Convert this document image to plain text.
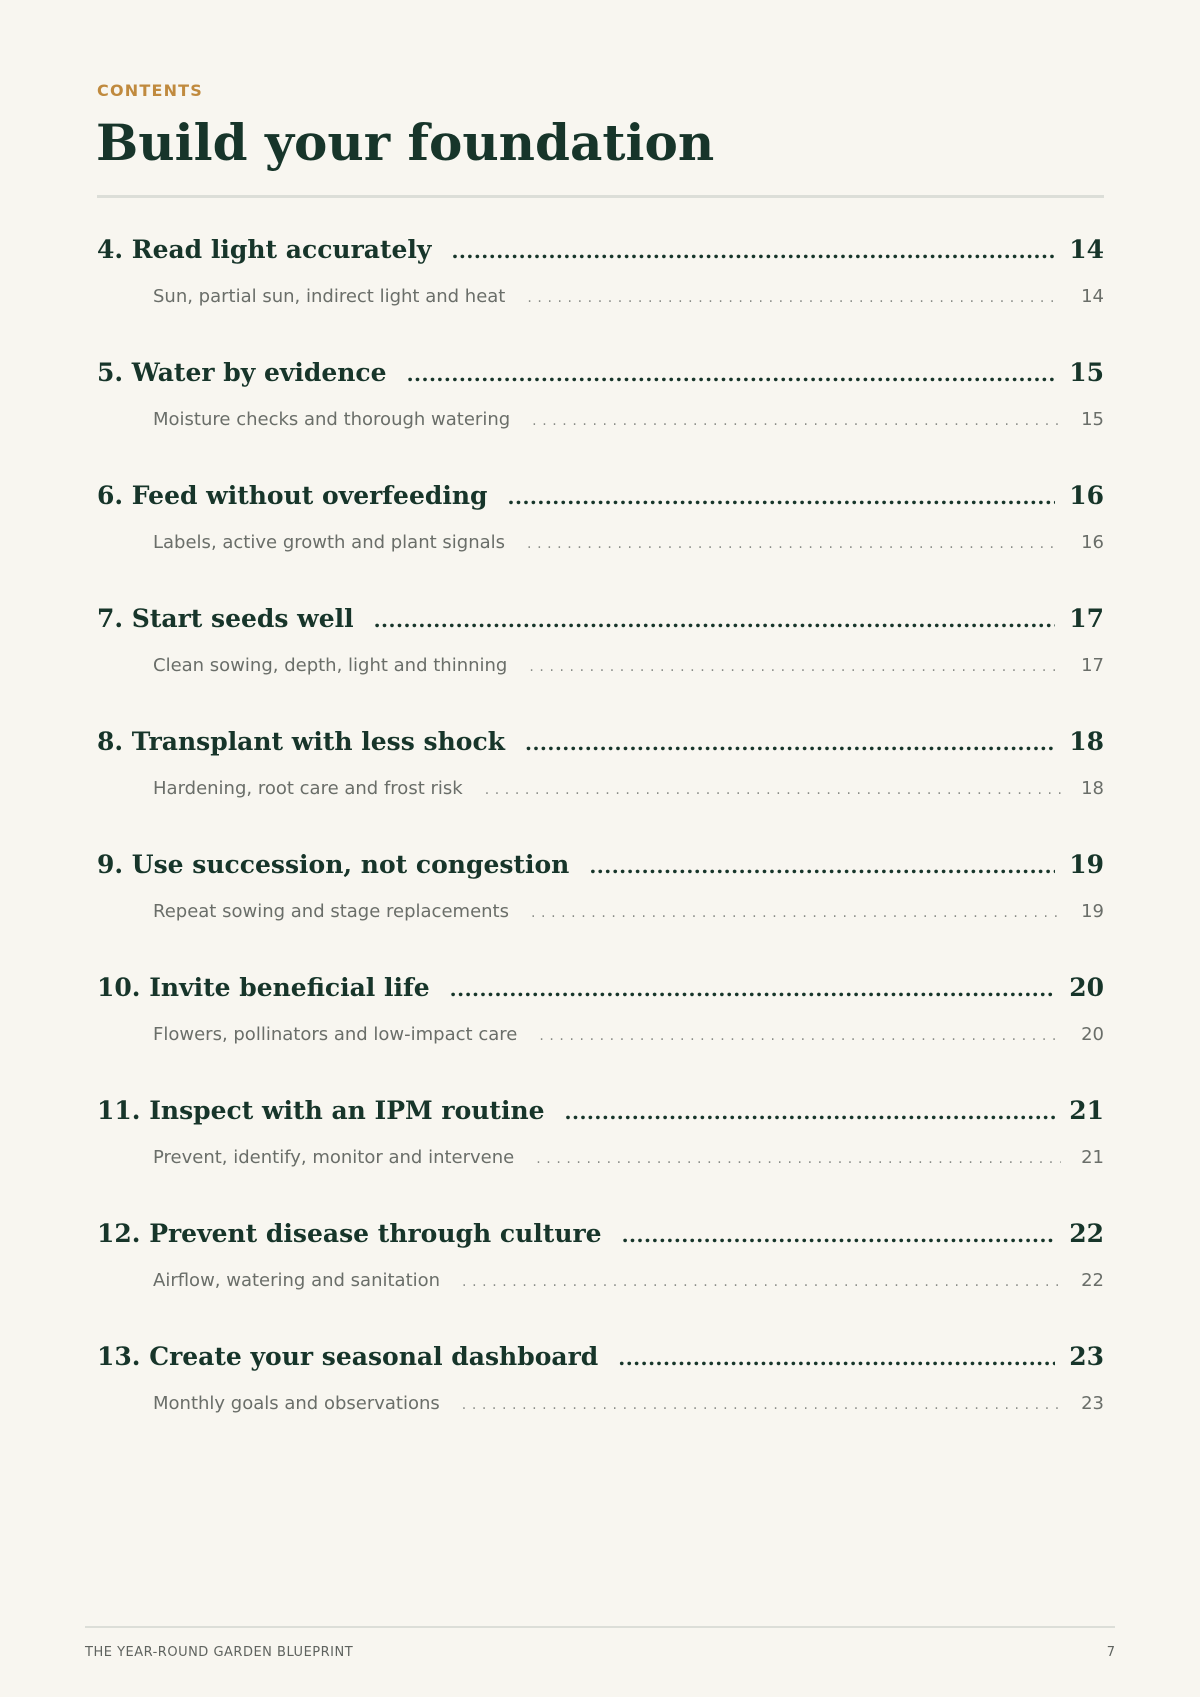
CONTENTS
Build your foundation
4. Read light accurately .....	14
Sun, partial sun, indirect light and heat .....	14
5. Water by evidence .....	15
Moisture checks and thorough watering .....	15
6. Feed without overfeeding .....	16
Labels, active growth and plant signals .....	16
7. Start seeds well .....	17
Clean sowing, depth, light and thinning .....	17
8. Transplant with less shock .....	18
Hardening, root care and frost risk .....	18
9. Use succession, not congestion .....	19
Repeat sowing and stage replacements .....	19
10. Invite beneficial life .....	20
Flowers, pollinators and low-impact care .....	20
11. Inspect with an IPM routine .....	21
Prevent, identify, monitor and intervene .....	21
12. Prevent disease through culture .....	22
Airflow, watering and sanitation .....	22
13. Create your seasonal dashboard .....	23
Monthly goals and observations .....	23
THE YEAR-ROUND GARDEN BLUEPRINT	7
